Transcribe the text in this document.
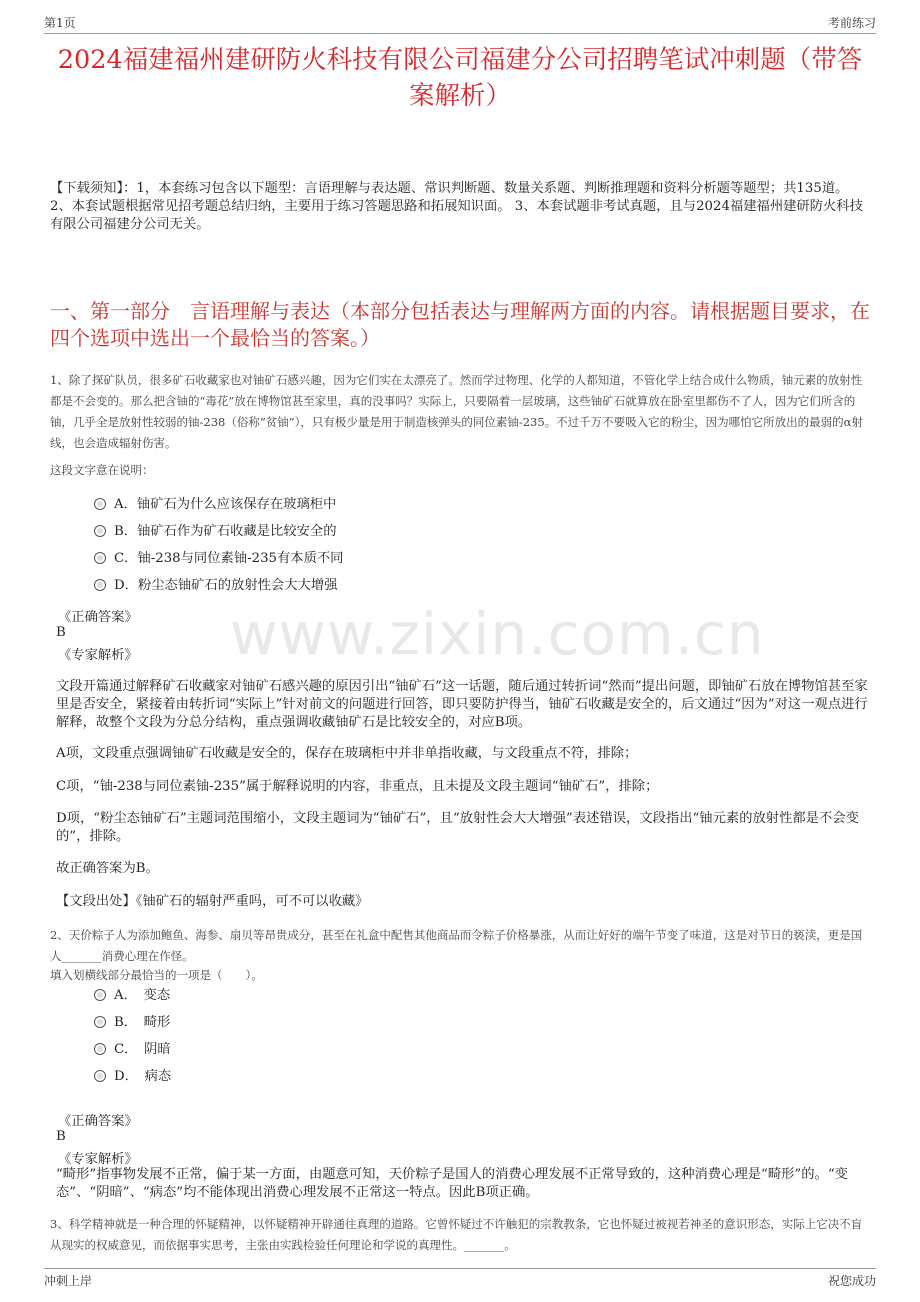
第1页	考前练习
2024福建福州建研防火科技有限公司福建分公司招聘笔试冲刺题（带答案解析）
【下载须知】：1，本套练习包含以下题型：言语理解与表达题、常识判断题、数量关系题、判断推理题和资料分析题等题型；共135道。 2、本套试题根据常见招考题总结归纳，主要用于练习答题思路和拓展知识面。 3、本套试题非考试真题，且与2024福建福州建研防火科技有限公司福建分公司无关。
一、第一部分　言语理解与表达（本部分包括表达与理解两方面的内容。请根据题目要求，在四个选项中选出一个最恰当的答案。）
www.zixin.com.cn
1、除了探矿队员，很多矿石收藏家也对铀矿石感兴趣，因为它们实在太漂亮了。然而学过物理、化学的人都知道，不管化学上结合成什么物质，铀元素的放射性都是不会变的。那么把含铀的“毒花”放在博物馆甚至家里，真的没事吗？实际上，只要隔着一层玻璃，这些铀矿石就算放在卧室里都伤不了人，因为它们所含的铀，几乎全是放射性较弱的铀-238（俗称“贫铀”），只有极少量是用于制造核弹头的同位素铀-235。不过千万不要吸入它的粉尘，因为哪怕它所放出的最弱的α射线，也会造成辐射伤害。
这段文字意在说明：
A．铀矿石为什么应该保存在玻璃柜中
B．铀矿石作为矿石收藏是比较安全的
C．铀-238与同位素铀-235有本质不同
D．粉尘态铀矿石的放射性会大大增强
《正确答案》
B
《专家解析》
文段开篇通过解释矿石收藏家对铀矿石感兴趣的原因引出“铀矿石”这一话题，随后通过转折词“然而”提出问题，即铀矿石放在博物馆甚至家里是否安全，紧接着由转折词“实际上”针对前文的问题进行回答，即只要防护得当，铀矿石收藏是安全的，后文通过“因为”对这一观点进行解释，故整个文段为分总分结构，重点强调收藏铀矿石是比较安全的，对应B项。
A项，文段重点强调铀矿石收藏是安全的，保存在玻璃柜中并非单指收藏，与文段重点不符，排除；
C项，“铀-238与同位素铀-235”属于解释说明的内容，非重点，且未提及文段主题词“铀矿石”，排除；
D项，“粉尘态铀矿石”主题词范围缩小，文段主题词为“铀矿石”，且“放射性会大大增强”表述错误，文段指出“铀元素的放射性都是不会变的”，排除。
故正确答案为B。
【文段出处】《铀矿石的辐射严重吗，可不可以收藏》
2、天价粽子人为添加鲍鱼、海参、扇贝等昂贵成分，甚至在礼盒中配售其他商品而令粽子价格暴涨，从而让好好的端午节变了味道，这是对节日的亵渎，更是国人_______消费心理在作怪。
填入划横线部分最恰当的一项是（　　）。
A．　变态
B．　畸形
C．　阴暗
D．　病态
《正确答案》
B
《专家解析》
“畸形”指事物发展不正常，偏于某一方面，由题意可知，天价粽子是国人的消费心理发展不正常导致的，这种消费心理是“畸形”的。“变态”、“阴暗”、“病态”均不能体现出消费心理发展不正常这一特点。因此B项正确。
3、科学精神就是一种合理的怀疑精神，以怀疑精神开辟通往真理的道路。它曾怀疑过不许触犯的宗教教条，它也怀疑过被视若神圣的意识形态，实际上它决不盲从现实的权威意见，而依据事实思考，主张由实践检验任何理论和学说的真理性。_______。
冲刺上岸	祝您成功
